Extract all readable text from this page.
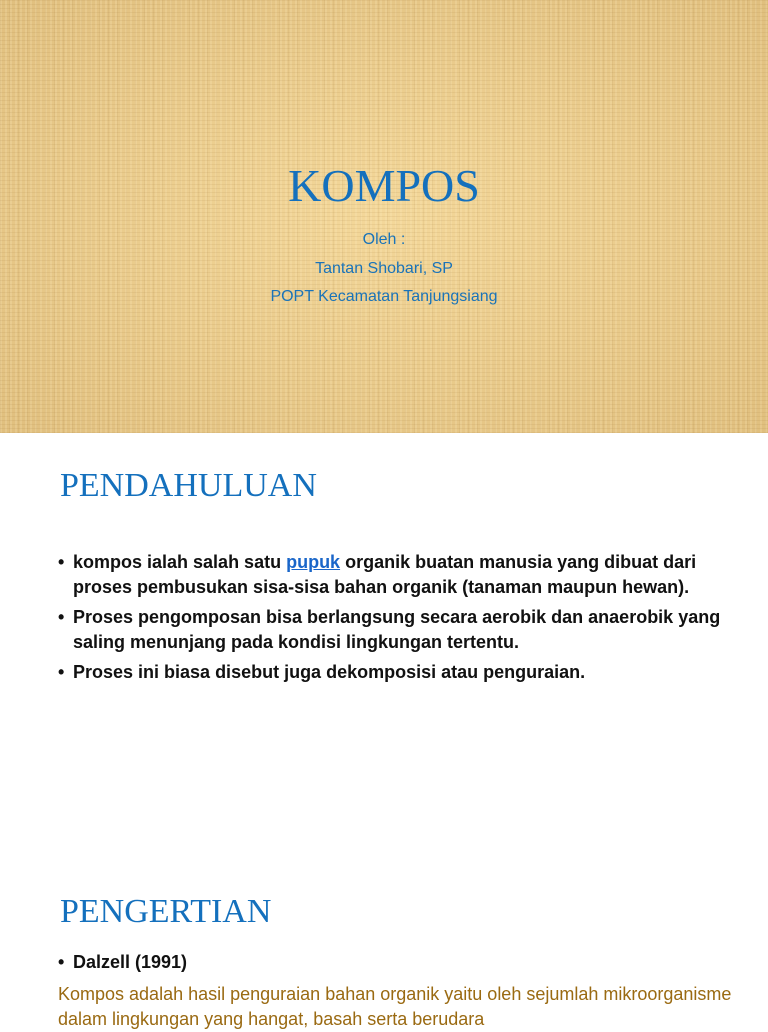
KOMPOS
Oleh :
Tantan Shobari, SP
POPT Kecamatan Tanjungsiang
PENDAHULUAN
• kompos ialah salah satu pupuk organik buatan manusia yang dibuat dari proses pembusukan sisa-sisa bahan organik (tanaman maupun hewan).
• Proses pengomposan bisa berlangsung secara aerobik dan anaerobik yang saling menunjang pada kondisi lingkungan tertentu.
• Proses ini biasa disebut juga dekomposisi atau penguraian.
PENGERTIAN
• Dalzell (1991)
Kompos adalah hasil penguraian bahan organik yaitu oleh sejumlah mikroorganisme dalam lingkungan yang hangat, basah serta berudara
